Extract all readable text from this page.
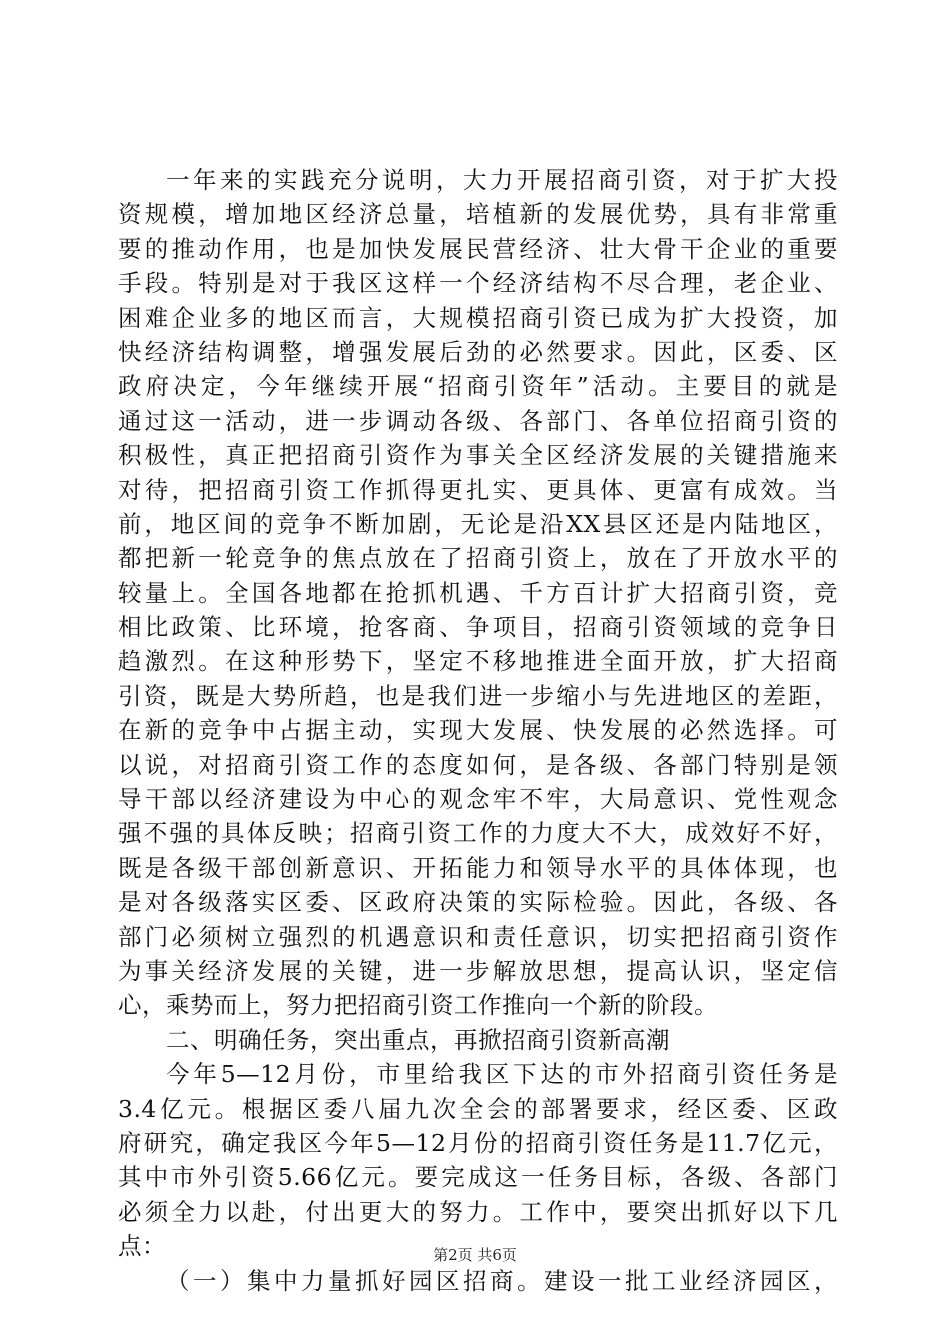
一年来的实践充分说明，大力开展招商引资，对于扩大投
资规模，增加地区经济总量，培植新的发展优势，具有非常重
要的推动作用，也是加快发展民营经济、壮大骨干企业的重要
手段。特别是对于我区这样一个经济结构不尽合理，老企业、
困难企业多的地区而言，大规模招商引资已成为扩大投资，加
快经济结构调整，增强发展后劲的必然要求。因此，区委、区
政府决定，今年继续开展“招商引资年”活动。主要目的就是
通过这一活动，进一步调动各级、各部门、各单位招商引资的
积极性，真正把招商引资作为事关全区经济发展的关键措施来
对待，把招商引资工作抓得更扎实、更具体、更富有成效。当
前，地区间的竞争不断加剧，无论是沿XX县区还是内陆地区，
都把新一轮竞争的焦点放在了招商引资上，放在了开放水平的
较量上。全国各地都在抢抓机遇、千方百计扩大招商引资，竞
相比政策、比环境，抢客商、争项目，招商引资领域的竞争日
趋激烈。在这种形势下，坚定不移地推进全面开放，扩大招商
引资，既是大势所趋，也是我们进一步缩小与先进地区的差距，
在新的竞争中占据主动，实现大发展、快发展的必然选择。可
以说，对招商引资工作的态度如何，是各级、各部门特别是领
导干部以经济建设为中心的观念牢不牢，大局意识、党性观念
强不强的具体反映；招商引资工作的力度大不大，成效好不好，
既是各级干部创新意识、开拓能力和领导水平的具体体现，也
是对各级落实区委、区政府决策的实际检验。因此，各级、各
部门必须树立强烈的机遇意识和责任意识，切实把招商引资作
为事关经济发展的关键，进一步解放思想，提高认识，坚定信
心，乘势而上，努力把招商引资工作推向一个新的阶段。
二、明确任务，突出重点，再掀招商引资新高潮
今年5—12月份，市里给我区下达的市外招商引资任务是
3.4亿元。根据区委八届九次全会的部署要求，经区委、区政
府研究，确定我区今年5—12月份的招商引资任务是11.7亿元，
其中市外引资5.66亿元。要完成这一任务目标，各级、各部门
必须全力以赴，付出更大的努力。工作中，要突出抓好以下几
点：
（一）集中力量抓好园区招商。建设一批工业经济园区，
第2页 共6页
